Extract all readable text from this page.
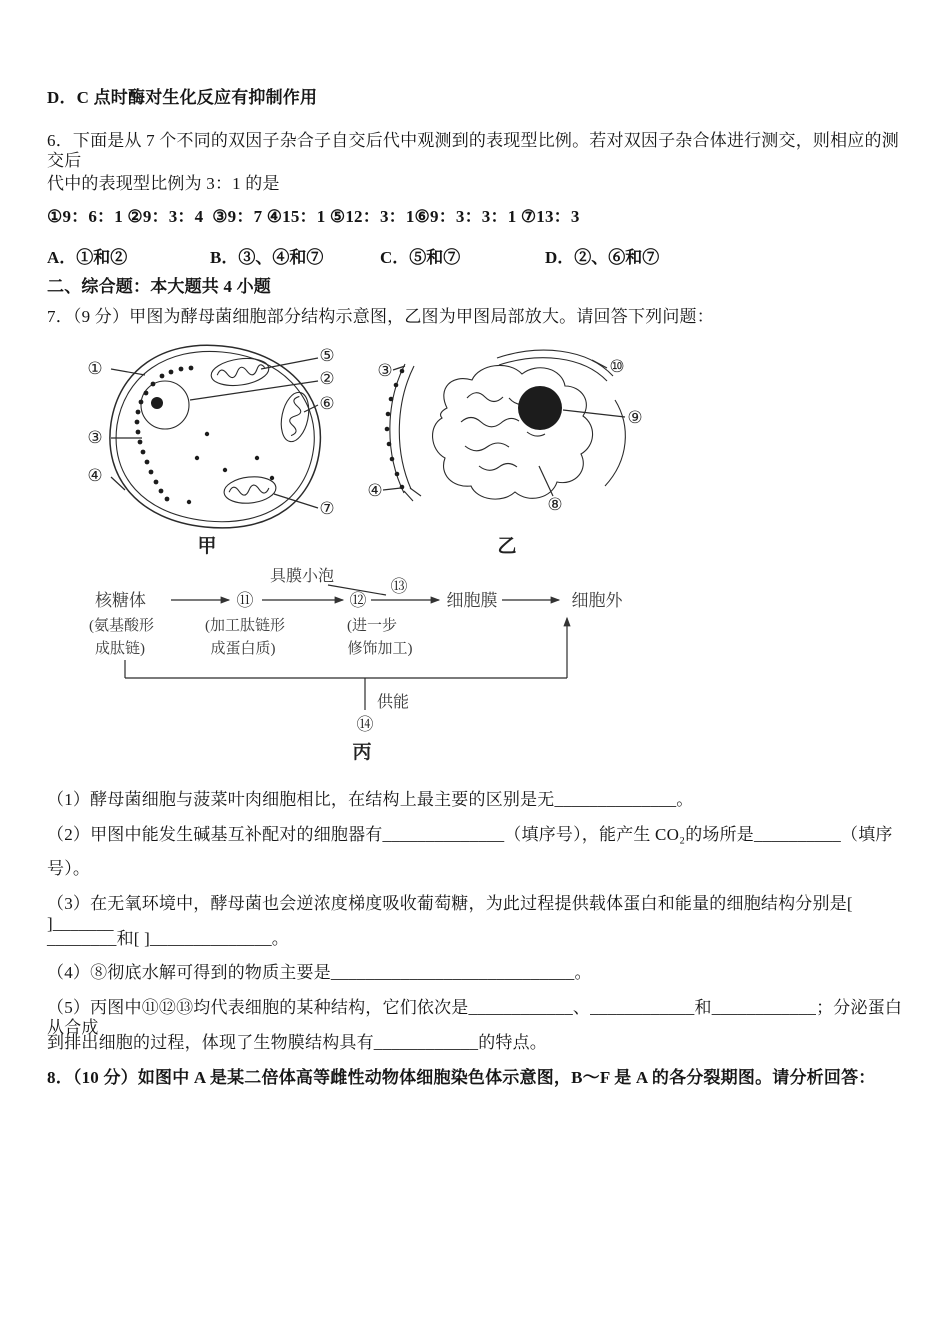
D．C 点时酶对生化反应有抑制作用
6．下面是从 7 个不同的双因子杂合子自交后代中观测到的表现型比例。若对双因子杂合体进行测交，则相应的测交后
代中的表现型比例为 3：1 的是
①9：6：1 ②9：3：4  ③9：7 ④15：1 ⑤12：3：1⑥9：3：3：1 ⑦13：3
A．①和②	B．③、④和⑦	C．⑤和⑦	D．②、⑥和⑦
二、综合题：本大题共 4 小题
7．（9 分）甲图为酵母菌细胞部分结构示意图，乙图为甲图局部放大。请回答下列问题：
①
③
④
⑤
②
⑥
⑦
甲
③
④
⑩
⑨
⑧
乙
核糖体
(氨基酸形
成肽链)
⑪
(加工肽链形
成蛋白质)
具膜小泡
⑫
(进一步
修饰加工)
⑬
细胞膜	细胞外
⑭
供能
丙
（1）酵母菌细胞与菠菜叶肉细胞相比，在结构上最主要的区别是无______________。
（2）甲图中能发生碱基互补配对的细胞器有______________（填序号），能产生 CO₂的场所是__________（填序
号）。
（3）在无氧环境中，酵母菌也会逆浓度梯度吸收葡萄糖，为此过程提供载体蛋白和能量的细胞结构分别是[ ]_______
________和[ ]______________。
（4）⑧彻底水解可得到的物质主要是____________________________。
（5）丙图中⑪⑫⑬均代表细胞的某种结构，它们依次是____________、____________和____________；分泌蛋白从合成
到排出细胞的过程，体现了生物膜结构具有____________的特点。
8．（10 分）如图中 A 是某二倍体高等雌性动物体细胞染色体示意图，B～F 是 A 的各分裂期图。请分析回答：
